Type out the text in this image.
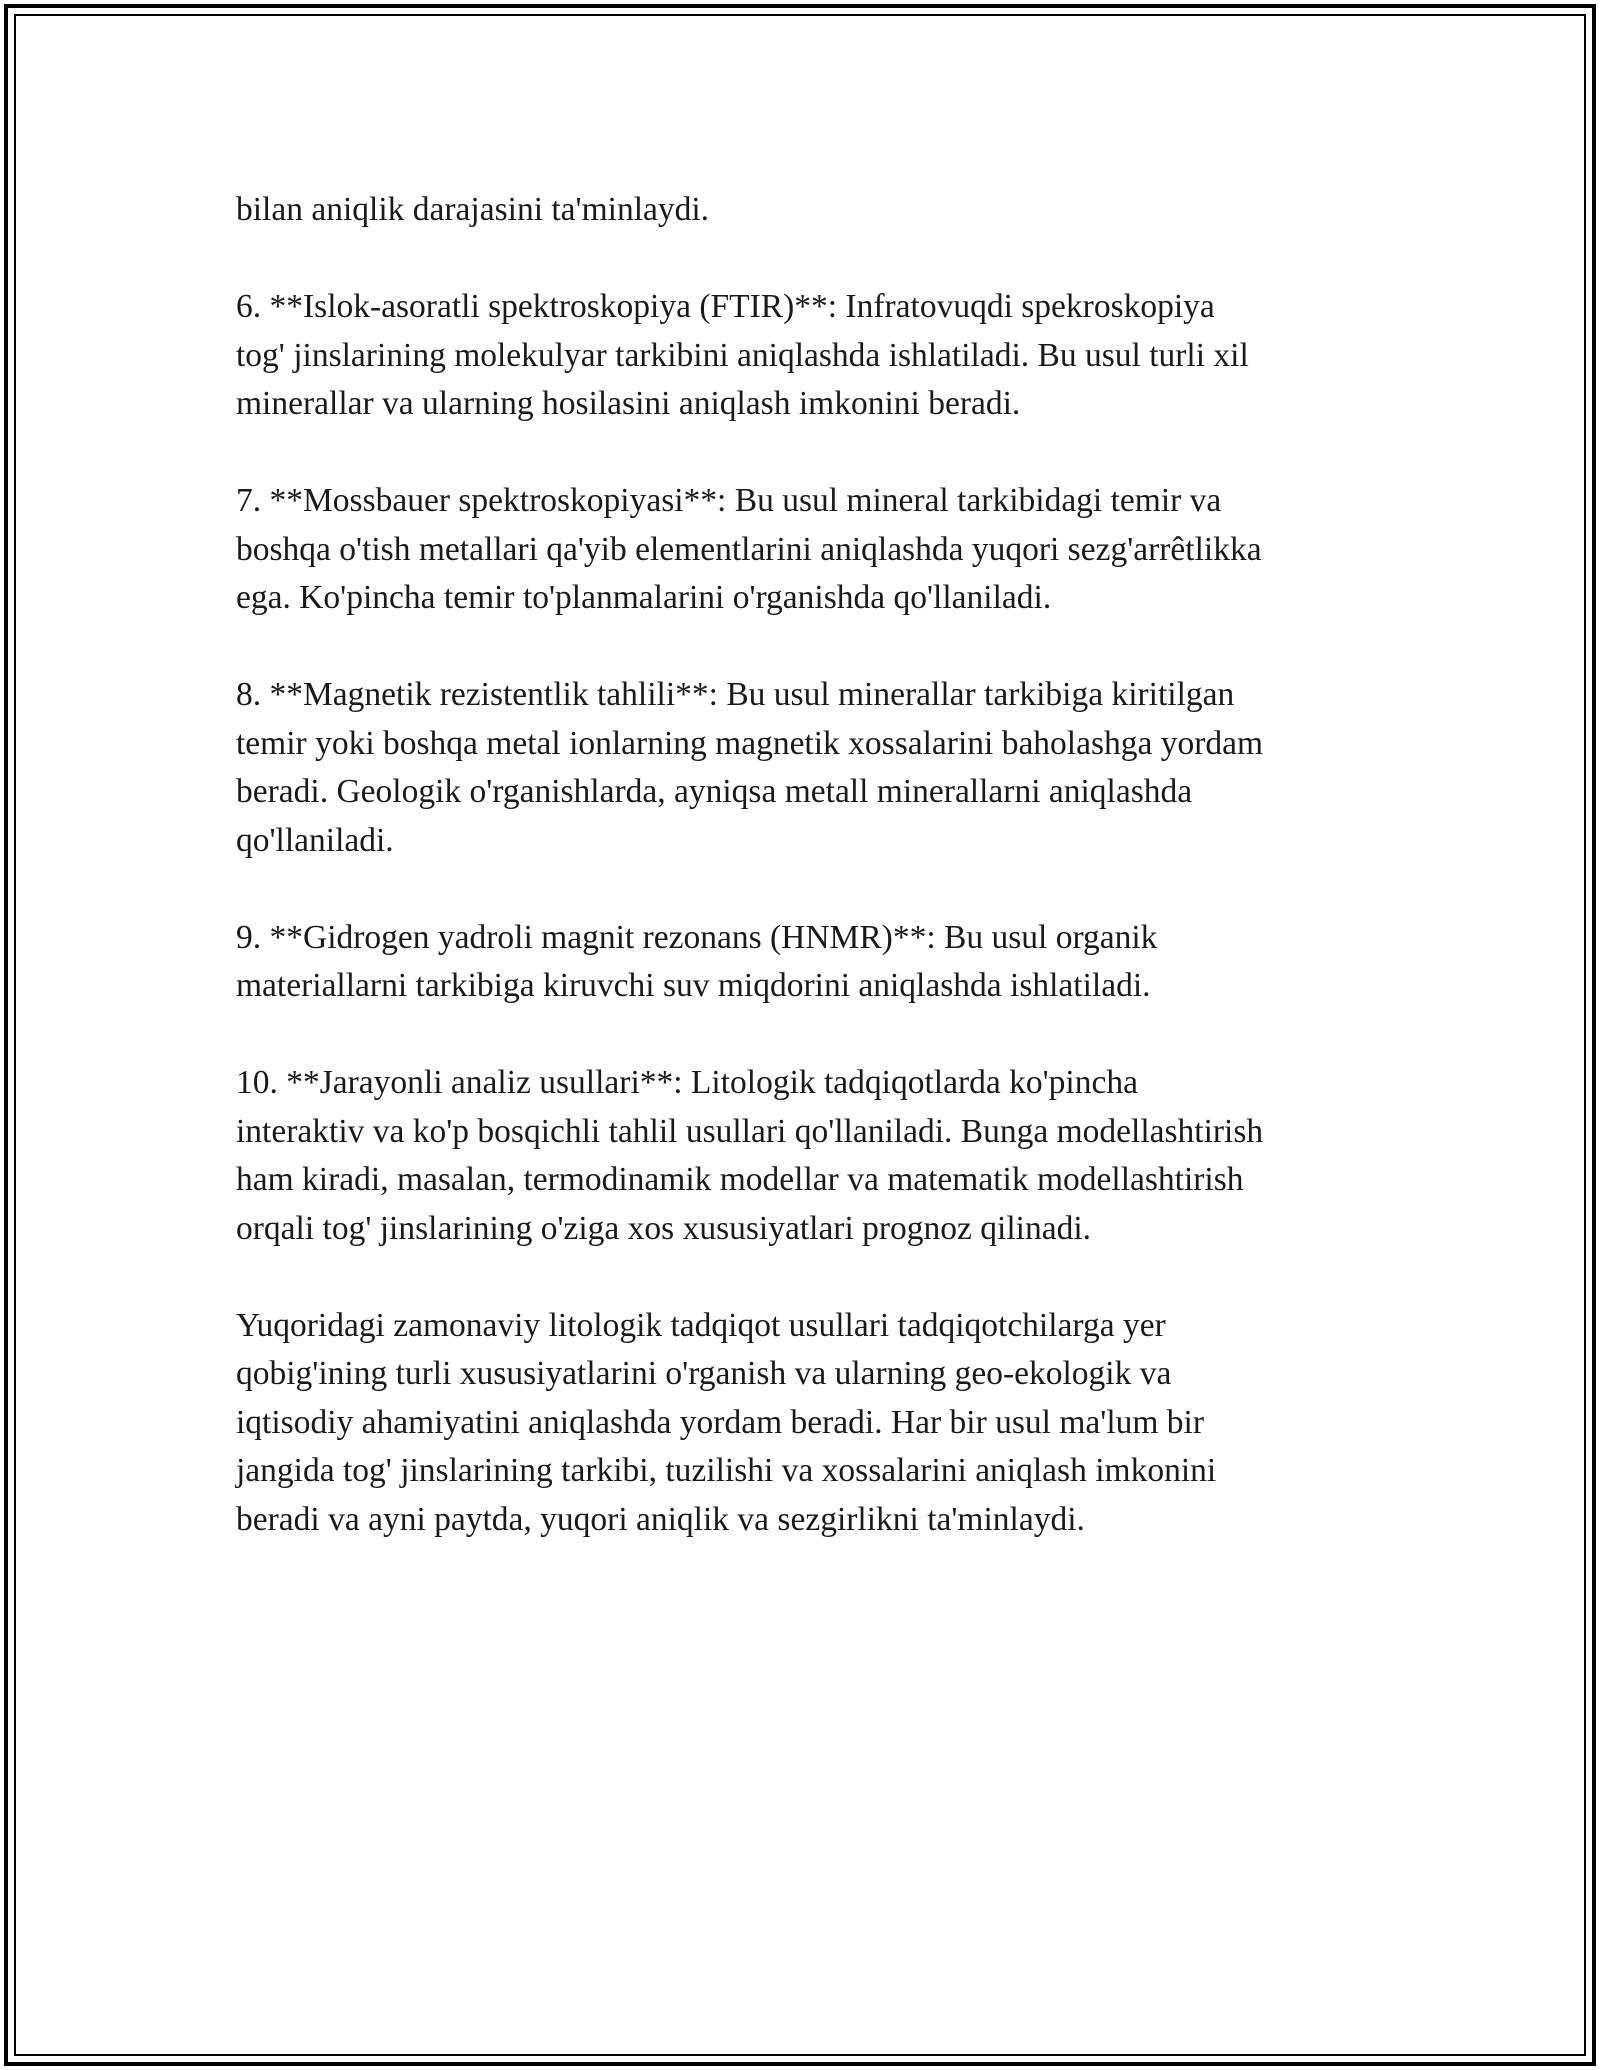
bilan aniqlik darajasini ta'minlaydi.

6. **Islok-asoratli spektroskopiya (FTIR)**: Infratovuqdi spekroskopiya
tog' jinslarining molekulyar tarkibini aniqlashda ishlatiladi. Bu usul turli xil
minerallar va ularning hosilasini aniqlash imkonini beradi.

7. **Mossbauer spektroskopiyasi**: Bu usul mineral tarkibidagi temir va
boshqa o'tish metallari qa'yib elementlarini aniqlashda yuqori sezg'arrêtlikka
ega. Ko'pincha temir to'planmalarini o'rganishda qo'llaniladi.

8. **Magnetik rezistentlik tahlili**: Bu usul minerallar tarkibiga kiritilgan
temir yoki boshqa metal ionlarning magnetik xossalarini baholashga yordam
beradi. Geologik o'rganishlarda, ayniqsa metall minerallarni aniqlashda
qo'llaniladi.

9. **Gidrogen yadroli magnit rezonans (HNMR)**: Bu usul organik
materiallarni tarkibiga kiruvchi suv miqdorini aniqlashda ishlatiladi.

10. **Jarayonli analiz usullari**: Litologik tadqiqotlarda ko'pincha
interaktiv va ko'p bosqichli tahlil usullari qo'llaniladi. Bunga modellashtirish
ham kiradi, masalan, termodinamik modellar va matematik modellashtirish
orqali tog' jinslarining o'ziga xos xususiyatlari prognoz qilinadi.

Yuqoridagi zamonaviy litologik tadqiqot usullari tadqiqotchilarga yer
qobig'ining turli xususiyatlarini o'rganish va ularning geo-ekologik va
iqtisodiy ahamiyatini aniqlashda yordam beradi. Har bir usul ma'lum bir
jangida tog' jinslarining tarkibi, tuzilishi va xossalarini aniqlash imkonini
beradi va ayni paytda, yuqori aniqlik va sezgirlikni ta'minlaydi.
